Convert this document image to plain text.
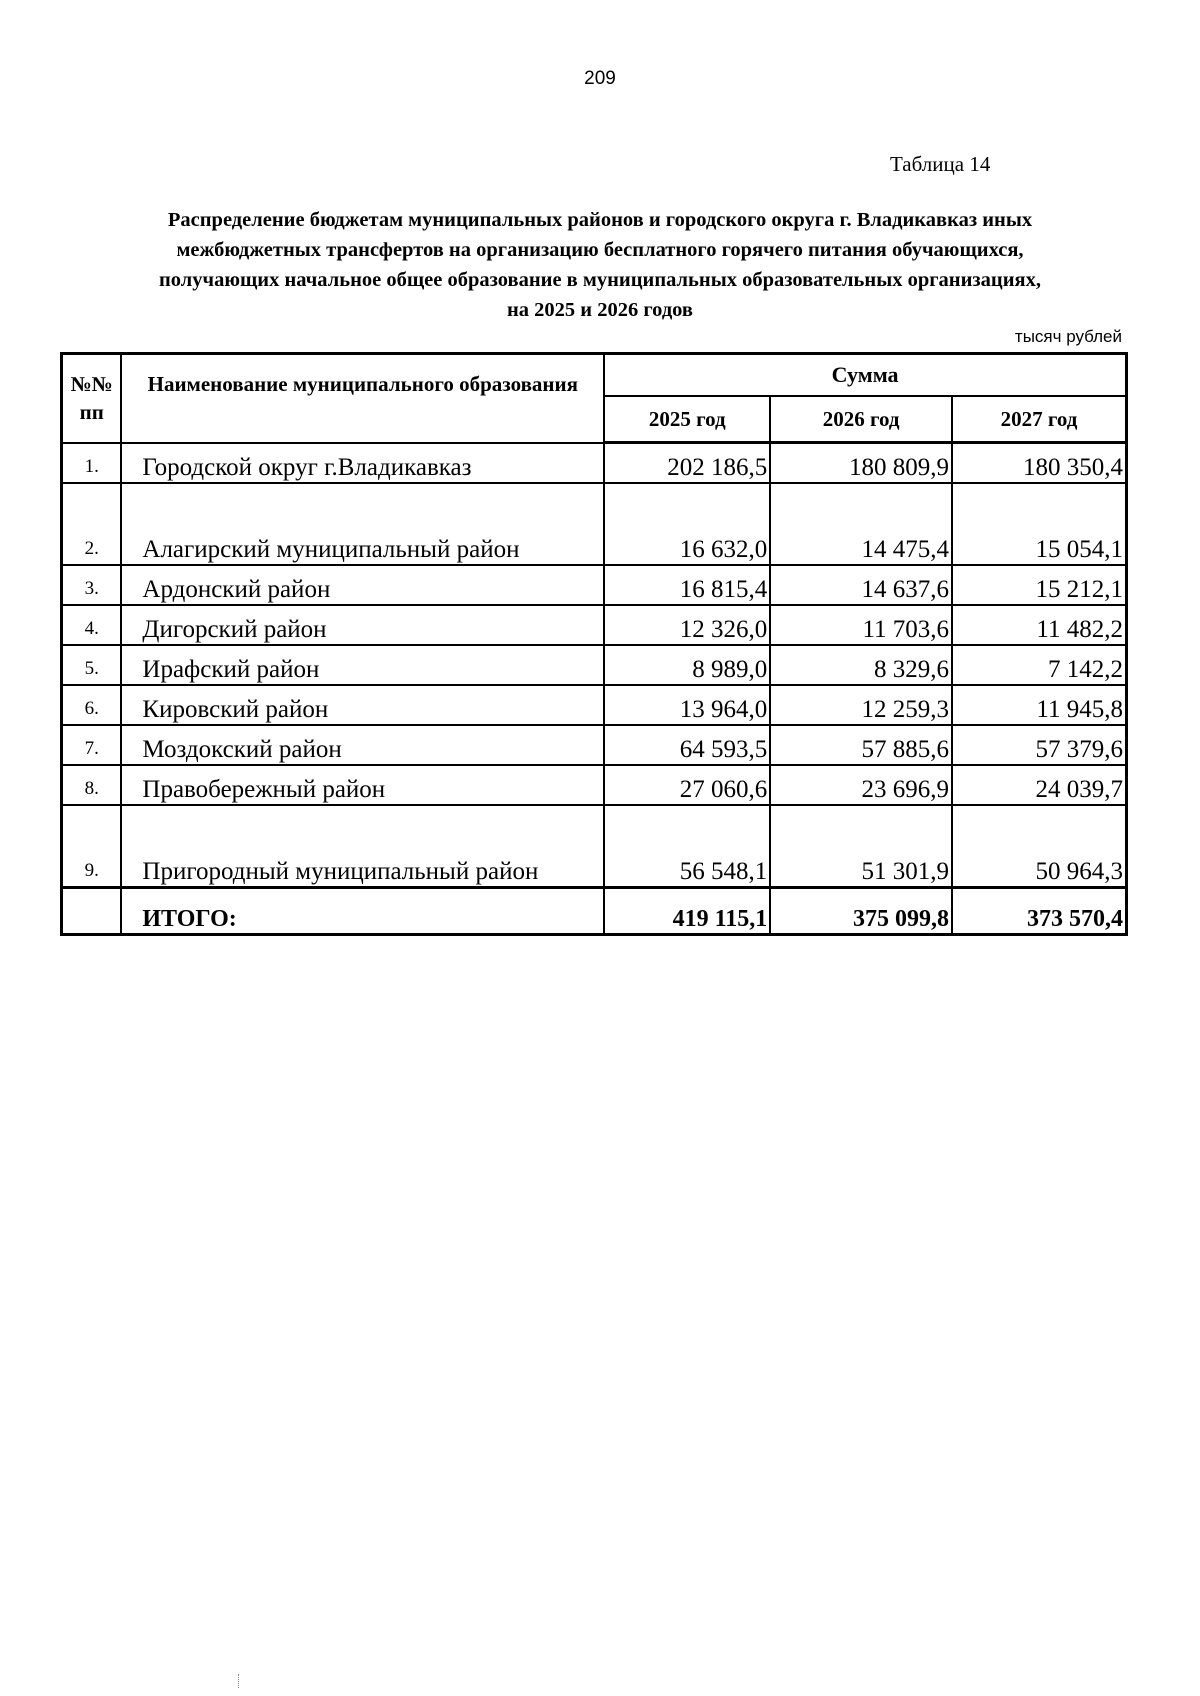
209
Таблица 14
Распределение бюджетам муниципальных районов и городского округа г. Владикавказ иных
межбюджетных трансфертов на организацию бесплатного горячего питания обучающихся,
получающих начальное общее образование в муниципальных образовательных организациях,
на 2025 и 2026 годов
тысяч рублей
№№ пп	Наименование муниципального образования	Сумма		
		2025 год	2026 год	2027 год
1.	Городской округ г.Владикавказ	202 186,5	180 809,9	180 350,4
2.	Алагирский муниципальный район	16 632,0	14 475,4	15 054,1
3.	Ардонский район	16 815,4	14 637,6	15 212,1
4.	Дигорский район	12 326,0	11 703,6	11 482,2
5.	Ирафский район	8 989,0	8 329,6	7 142,2
6.	Кировский район	13 964,0	12 259,3	11 945,8
7.	Моздокский район	64 593,5	57 885,6	57 379,6
8.	Правобережный район	27 060,6	23 696,9	24 039,7
9.	Пригородный муниципальный район	56 548,1	51 301,9	50 964,3
	ИТОГО:	419 115,1	375 099,8	373 570,4
